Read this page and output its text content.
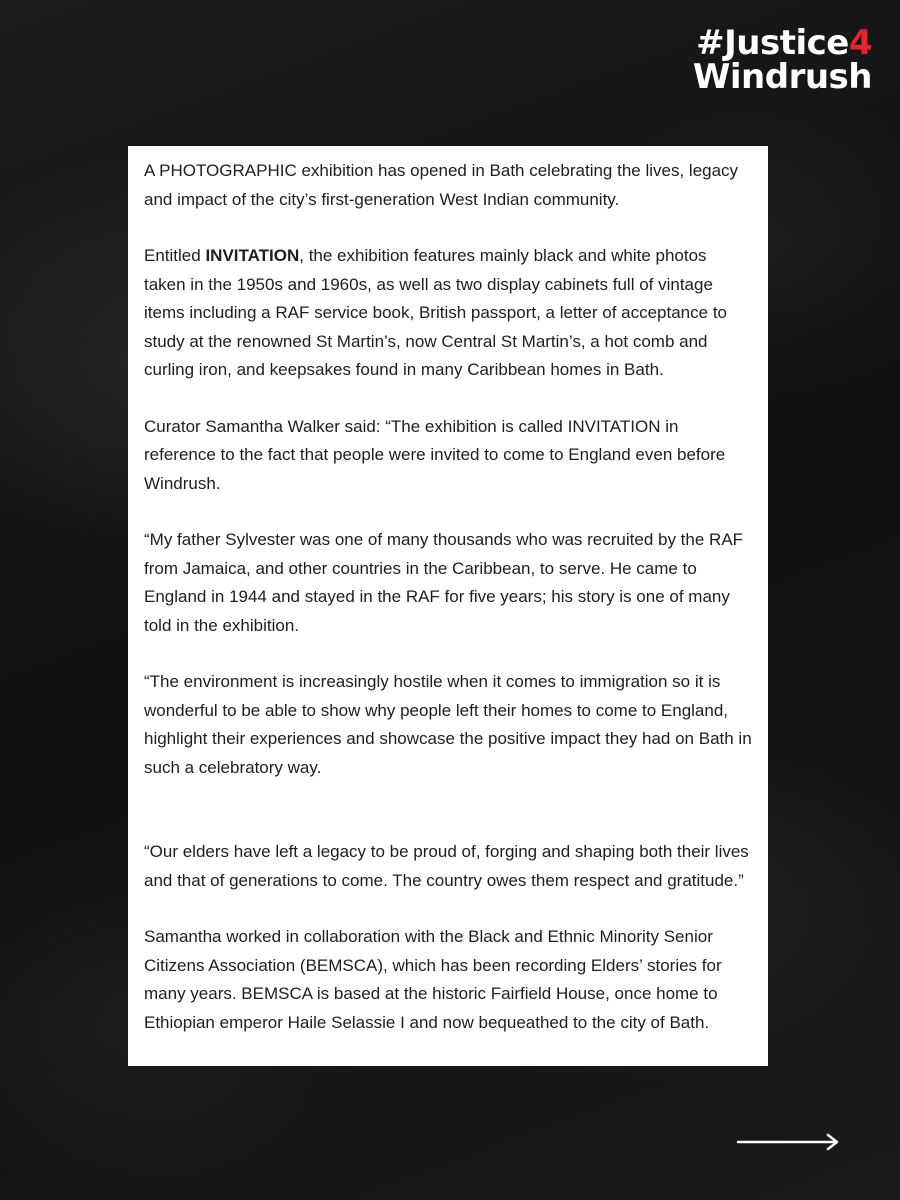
#Justice4
Windrush

A PHOTOGRAPHIC exhibition has opened in Bath celebrating the lives, legacy and impact of the city’s first-generation West Indian community.

Entitled INVITATION, the exhibition features mainly black and white photos taken in the 1950s and 1960s, as well as two display cabinets full of vintage items including a RAF service book, British passport, a letter of acceptance to study at the renowned St Martin’s, now Central St Martin’s, a hot comb and curling iron, and keepsakes found in many Caribbean homes in Bath.

Curator Samantha Walker said: “The exhibition is called INVITATION in reference to the fact that people were invited to come to England even before Windrush.

“My father Sylvester was one of many thousands who was recruited by the RAF from Jamaica, and other countries in the Caribbean, to serve. He came to England in 1944 and stayed in the RAF for five years; his story is one of many told in the exhibition.

“The environment is increasingly hostile when it comes to immigration so it is wonderful to be able to show why people left their homes to come to England, highlight their experiences and showcase the positive impact they had on Bath in such a celebratory way.

“Our elders have left a legacy to be proud of, forging and shaping both their lives and that of generations to come. The country owes them respect and gratitude.”

Samantha worked in collaboration with the Black and Ethnic Minority Senior Citizens Association (BEMSCA), which has been recording Elders’ stories for many years. BEMSCA is based at the historic Fairfield House, once home to Ethiopian emperor Haile Selassie I and now bequeathed to the city of Bath.
